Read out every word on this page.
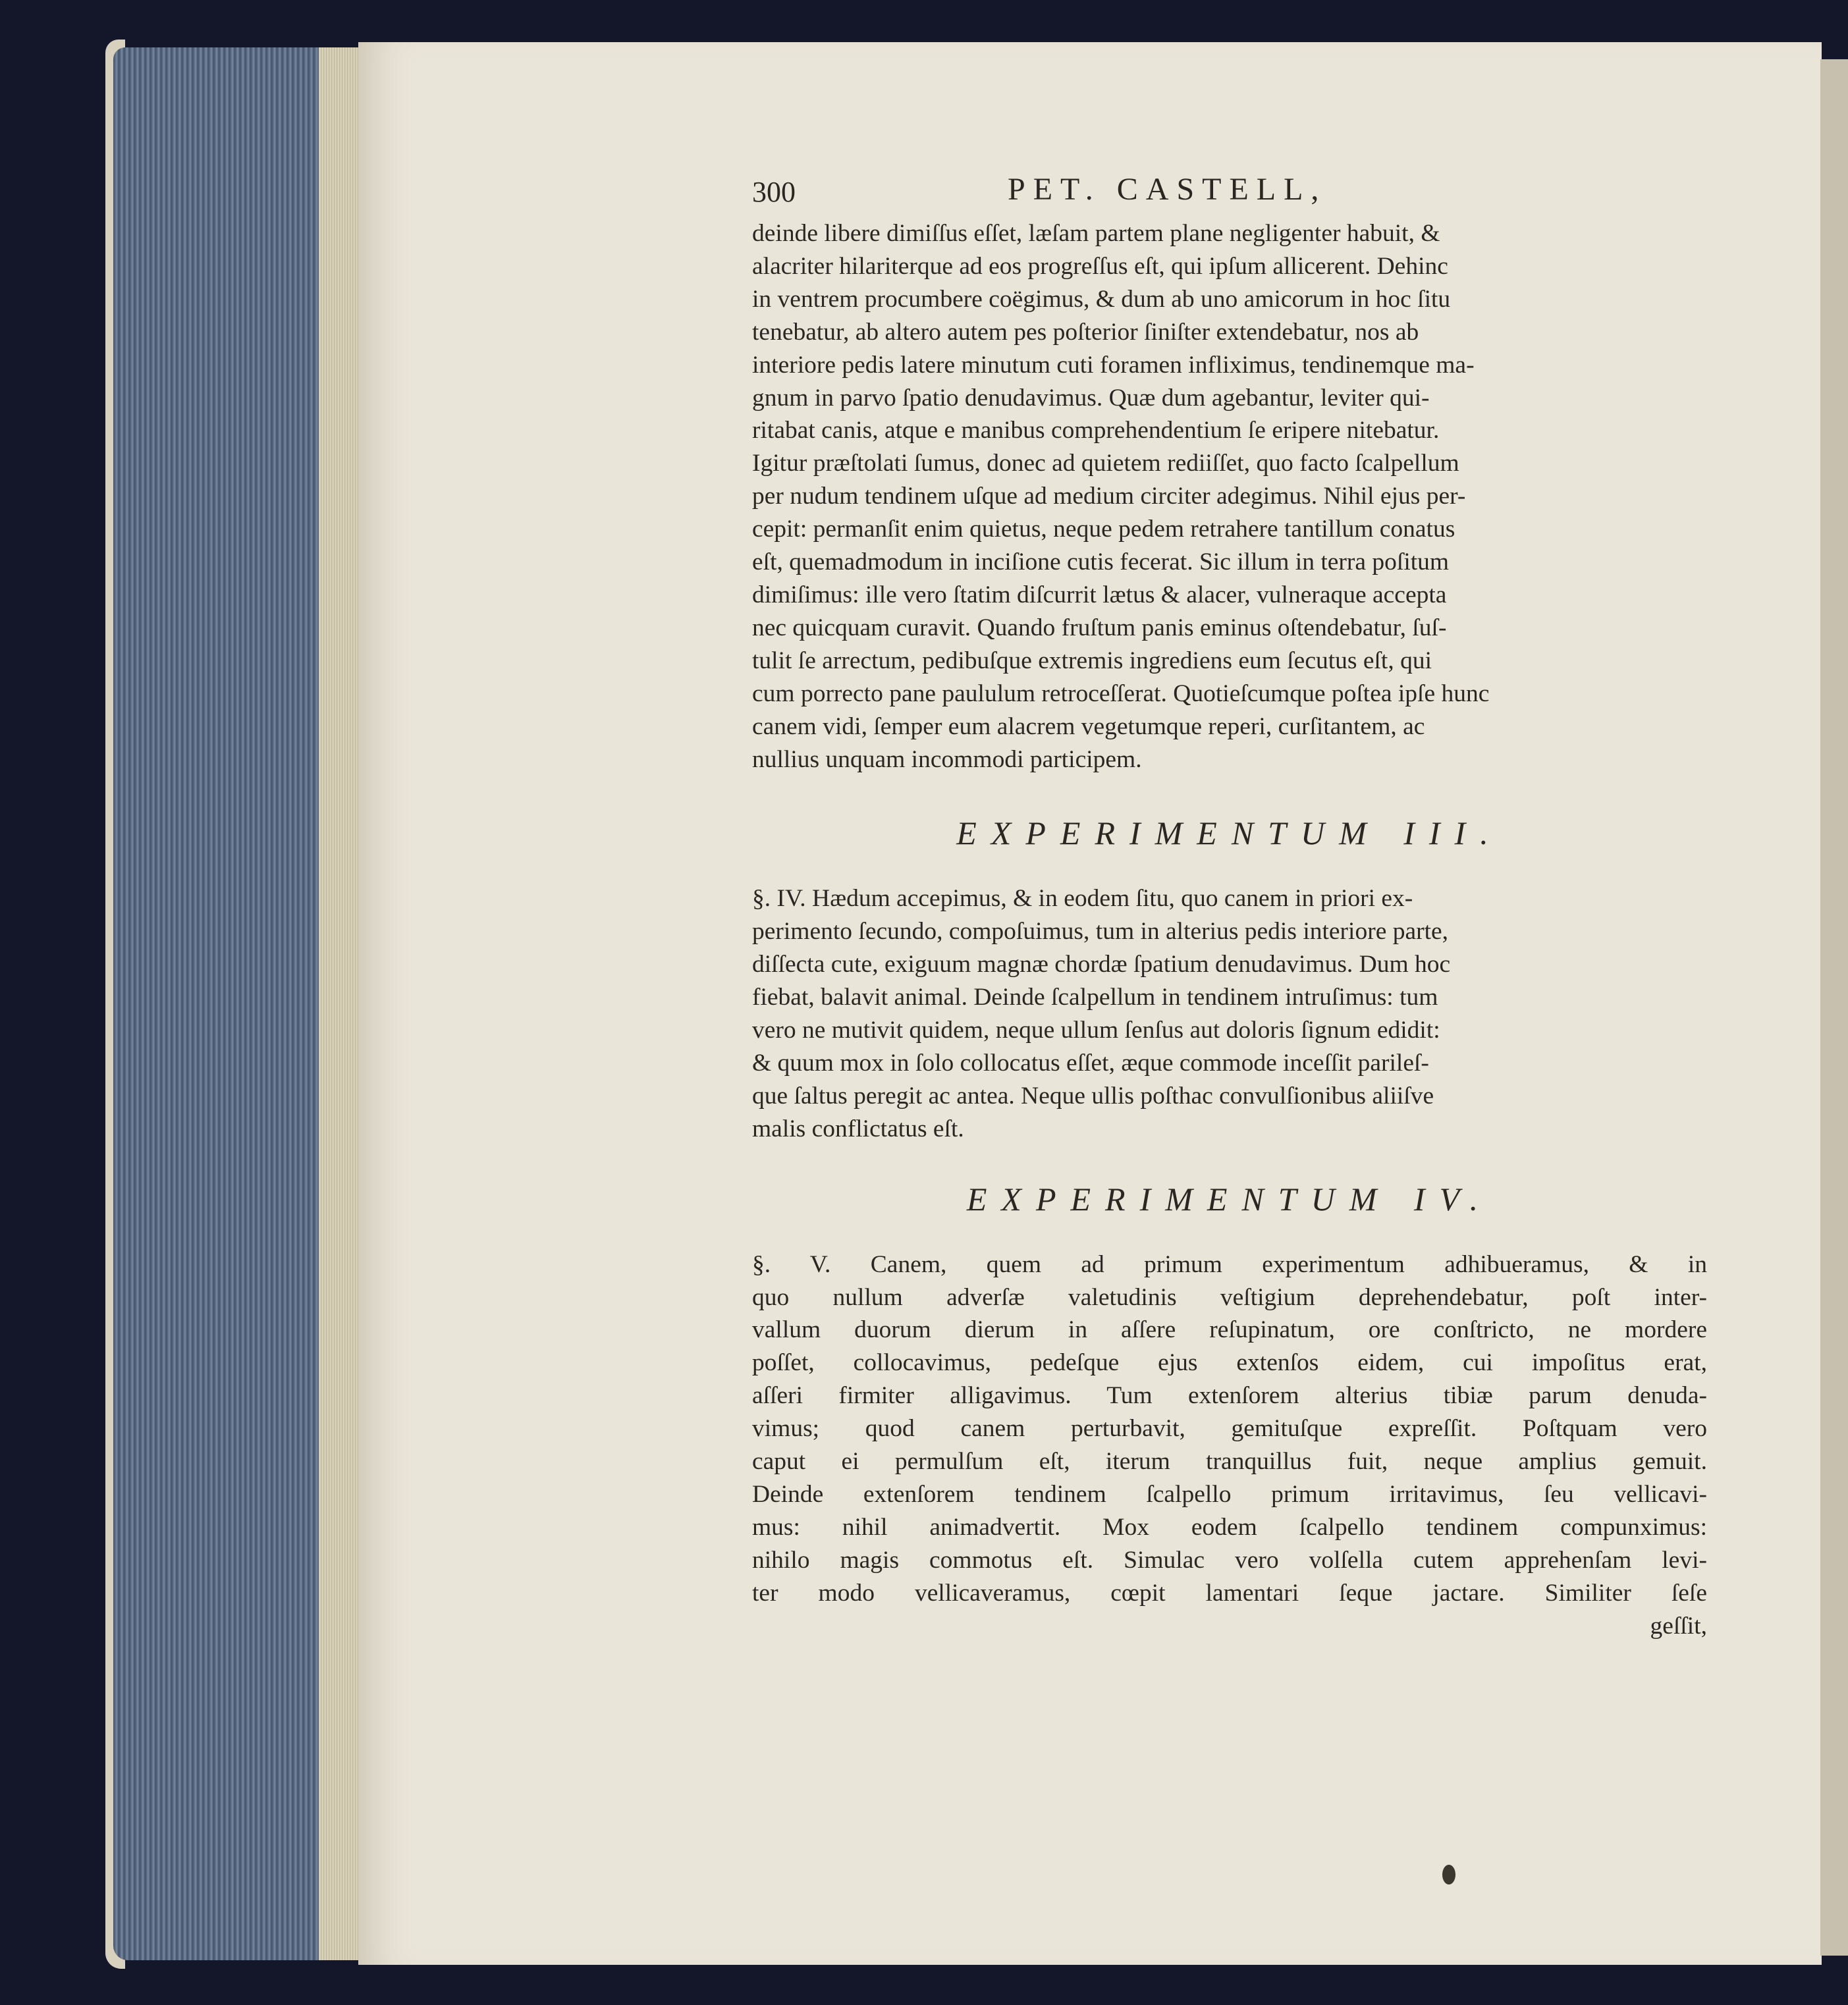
300	PET. CASTELL,

deinde libere dimiſſus eſſet, læſam partem plane negligenter habuit, &
alacriter hilariterque ad eos progreſſus eſt, qui ipſum allicerent. Dehinc
in ventrem procumbere coëgimus, & dum ab uno amicorum in hoc ſitu
tenebatur, ab altero autem pes poſterior ſiniſter extendebatur, nos ab
interiore pedis latere minutum cuti foramen infliximus, tendinemque ma-
gnum in parvo ſpatio denudavimus. Quæ dum agebantur, leviter qui-
ritabat canis, atque e manibus comprehendentium ſe eripere nitebatur.
Igitur præſtolati ſumus, donec ad quietem rediiſſet, quo facto ſcalpellum
per nudum tendinem uſque ad medium circiter adegimus. Nihil ejus per-
cepit: permanſit enim quietus, neque pedem retrahere tantillum conatus
eſt, quemadmodum in inciſione cutis fecerat. Sic illum in terra poſitum
dimiſimus: ille vero ſtatim diſcurrit lætus & alacer, vulneraque accepta
nec quicquam curavit. Quando fruſtum panis eminus oſtendebatur, ſuſ-
tulit ſe arrectum, pedibuſque extremis ingrediens eum ſecutus eſt, qui
cum porrecto pane paululum retroceſſerat. Quotieſcumque poſtea ipſe hunc
canem vidi, ſemper eum alacrem vegetumque reperi, curſitantem, ac
nullius unquam incommodi participem.

EXPERIMENTUM III.

§. IV. Hædum accepimus, & in eodem ſitu, quo canem in priori ex-
perimento ſecundo, compoſuimus, tum in alterius pedis interiore parte,
diſſecta cute, exiguum magnæ chordæ ſpatium denudavimus. Dum hoc
fiebat, balavit animal. Deinde ſcalpellum in tendinem intruſimus: tum
vero ne mutivit quidem, neque ullum ſenſus aut doloris ſignum edidit:
& quum mox in ſolo collocatus eſſet, æque commode inceſſit parileſ-
que ſaltus peregit ac antea. Neque ullis poſthac convulſionibus aliiſve
malis conflictatus eſt.

EXPERIMENTUM IV.

§. V. Canem, quem ad primum experimentum adhibueramus, & in
quo nullum adverſæ valetudinis veſtigium deprehendebatur, poſt inter-
vallum duorum dierum in aſſere reſupinatum, ore conſtricto, ne mordere
poſſet, collocavimus, pedeſque ejus extenſos eidem, cui impoſitus erat,
aſſeri firmiter alligavimus. Tum extenſorem alterius tibiæ parum denuda-
vimus; quod canem perturbavit, gemituſque expreſſit. Poſtquam vero
caput ei permulſum eſt, iterum tranquillus fuit, neque amplius gemuit.
Deinde extenſorem tendinem ſcalpello primum irritavimus, ſeu vellicavi-
mus: nihil animadvertit. Mox eodem ſcalpello tendinem compunximus:
nihilo magis commotus eſt. Simulac vero volſella cutem apprehenſam levi-
ter modo vellicaveramus, cœpit lamentari ſeque jactare. Similiter ſeſe

geſſit,
